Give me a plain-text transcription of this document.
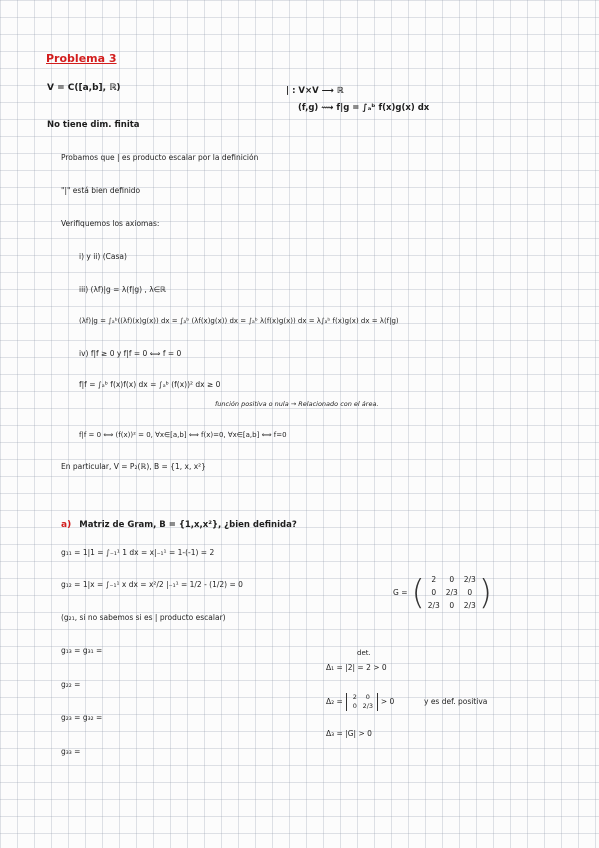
Problema 3
V = C([a,b], ℝ)	| : V×V ⟶ ℝ
(f,g) ⟿ f|g = ∫ₐᵇ f(x)g(x) dx
No tiene dim. finita
Probamos que | es producto escalar por la definición
"|" está bien definido
Verifiquemos los axiomas:
i) y ii) (Casa)
iii) (λf)|g = λ(f|g) , λ∈ℝ
(λf)|g = ∫ₐᵇ((λf)(x)g(x)) dx = ∫ₐᵇ (λf(x)g(x)) dx = ∫ₐᵇ λ(f(x)g(x)) dx = λ∫ₐᵇ f(x)g(x) dx = λ(f|g)
iv) f|f ≥ 0 y f|f = 0 ⟺ f = 0
f|f = ∫ₐᵇ f(x)f(x) dx = ∫ₐᵇ (f(x))² dx ≥ 0
función positiva o nula → Relacionado con el área.
f|f = 0 ⟺ (f(x))² = 0, ∀x∈[a,b] ⟺ f(x)=0, ∀x∈[a,b] ⟺ f=0
En particular, V = P₂(ℝ), B = {1, x, x²}
a) Matriz de Gram, B = {1,x,x²}, ¿bien definida?
g₁₁ = 1|1 = ∫₋₁¹ 1 dx = x|₋₁¹ = 1-(-1) = 2
g₁₂ = 1|x = ∫₋₁¹ x dx = x²/2 |₋₁¹ = 1/2 - (1/2) = 0
(g₂₁, si no sabemos si es | producto escalar)
G = ( 2	0	2/3
0	2/3	0
2/3	0	2/3 )
g₁₃ = g₃₁ =
g₂₂ =
g₂₃ = g₃₂ =
g₃₃ =
det.
Δ₁ = |2| = 2 > 0
Δ₂ =
2	0
0 2/3 > 0	y es def. positiva
Δ₃ = |G| > 0
